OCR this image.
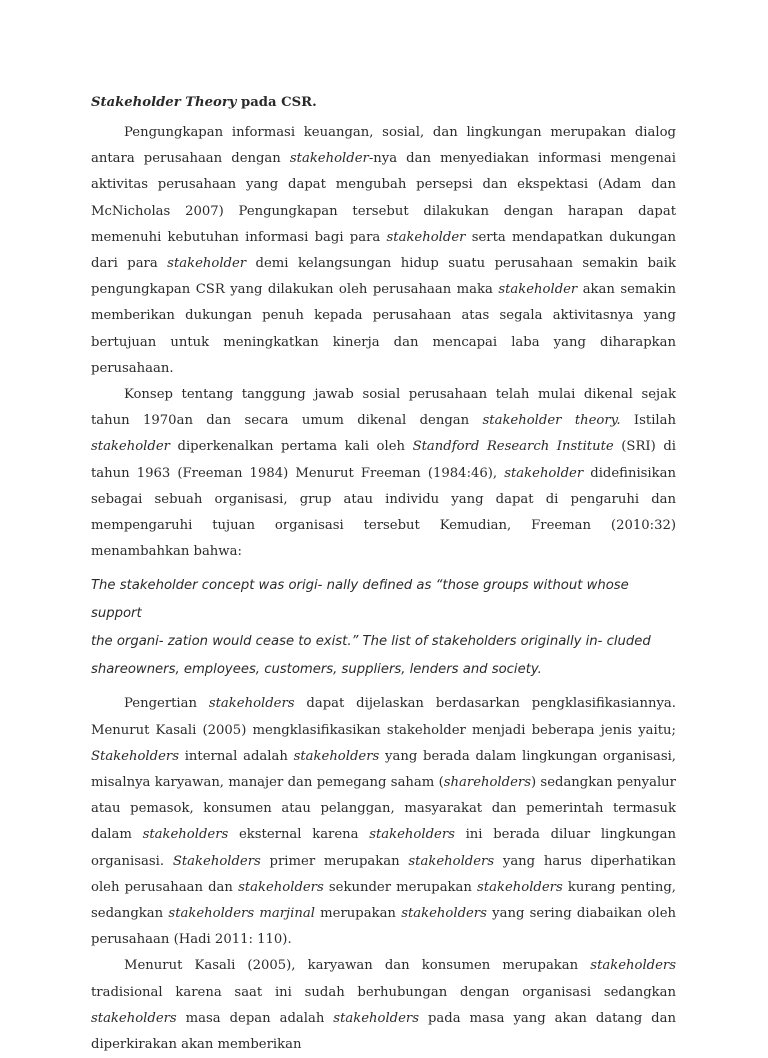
Stakeholder Theory pada CSR.

Pengungkapan informasi keuangan, sosial, dan lingkungan merupakan dialog antara perusahaan dengan stakeholder-nya dan menyediakan informasi mengenai aktivitas perusahaan yang dapat mengubah persepsi dan ekspektasi (Adam dan McNicholas 2007) Pengungkapan tersebut dilakukan dengan harapan dapat memenuhi kebutuhan informasi bagi para stakeholder serta mendapatkan dukungan dari para stakeholder demi kelangsungan hidup suatu perusahaan semakin baik pengungkapan CSR yang dilakukan oleh perusahaan maka stakeholder akan semakin memberikan dukungan penuh kepada perusahaan atas segala aktivitasnya yang bertujuan untuk meningkatkan kinerja dan mencapai laba yang diharapkan perusahaan.

Konsep tentang tanggung jawab sosial perusahaan telah mulai dikenal sejak tahun 1970an dan secara umum dikenal dengan stakeholder theory. Istilah stakeholder diperkenalkan pertama kali oleh Standford Research Institute (SRI) di tahun 1963 (Freeman 1984) Menurut Freeman (1984:46), stakeholder didefinisikan sebagai sebuah organisasi, grup atau individu yang dapat di pengaruhi dan mempengaruhi tujuan organisasi tersebut Kemudian, Freeman (2010:32) menambahkan bahwa:

The stakeholder concept was origi- nally defined as “those groups without whose support
the organi- zation would cease to exist.” The list of stakeholders originally in- cluded
shareowners, employees, customers, suppliers, lenders and society.

Pengertian stakeholders dapat dijelaskan berdasarkan pengklasifikasiannya. Menurut Kasali (2005) mengklasifikasikan stakeholder menjadi beberapa jenis yaitu; Stakeholders internal adalah stakeholders yang berada dalam lingkungan organisasi, misalnya karyawan, manajer dan pemegang saham (shareholders) sedangkan penyalur atau pemasok, konsumen atau pelanggan, masyarakat dan pemerintah termasuk dalam stakeholders eksternal karena stakeholders ini berada diluar lingkungan organisasi. Stakeholders primer merupakan stakeholders yang harus diperhatikan oleh perusahaan dan stakeholders sekunder merupakan stakeholders kurang penting, sedangkan stakeholders marjinal merupakan stakeholders yang sering diabaikan oleh perusahaan (Hadi 2011: 110).

Menurut Kasali (2005), karyawan dan konsumen merupakan stakeholders tradisional karena saat ini sudah berhubungan dengan organisasi sedangkan stakeholders masa depan adalah stakeholders pada masa yang akan datang dan diperkirakan akan memberikan
